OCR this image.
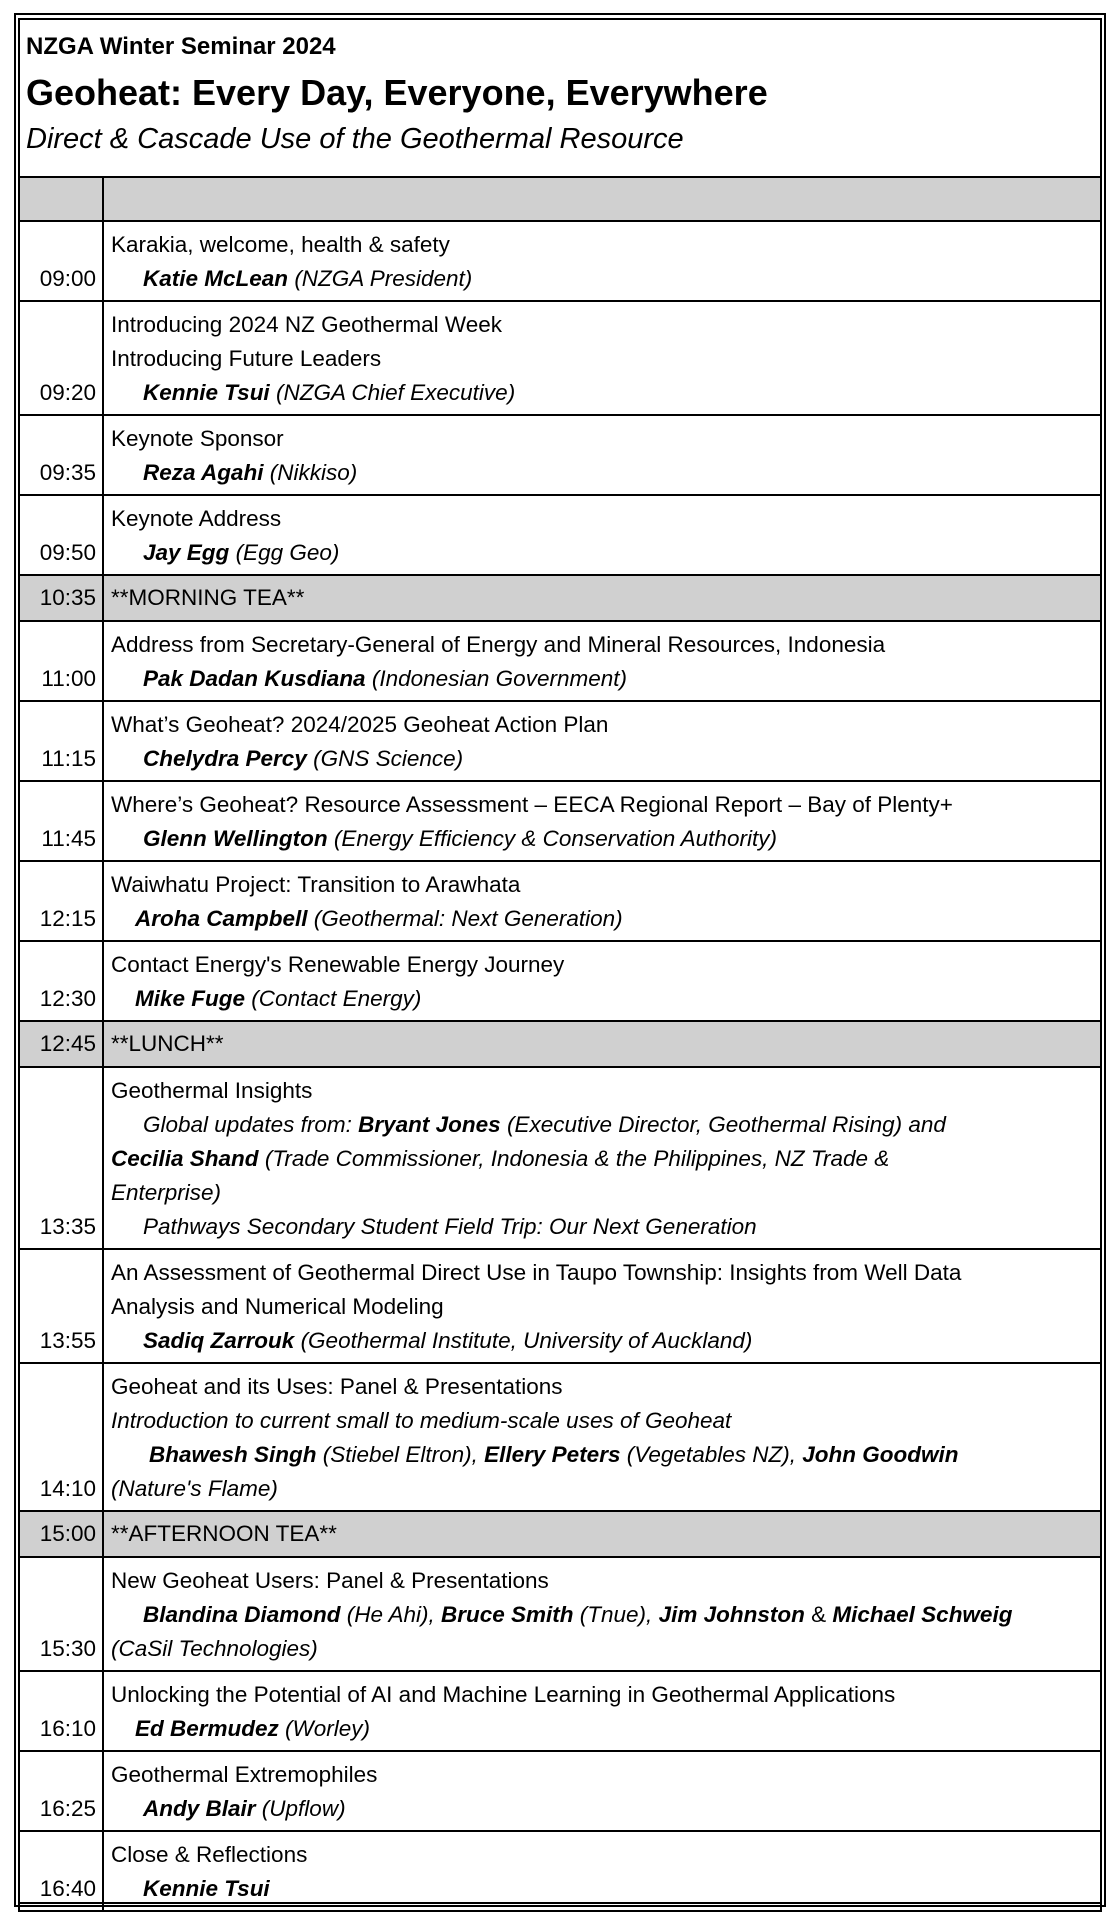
NZGA Winter Seminar 2024
Geoheat: Every Day, Everyone, Everywhere
Direct & Cascade Use of the Geothermal Resource

09:00	Karakia, welcome, health & safety
Katie McLean (NZGA President)

09:20	Introducing 2024 NZ Geothermal Week
Introducing Future Leaders
Kennie Tsui (NZGA Chief Executive)

09:35	Keynote Sponsor
Reza Agahi (Nikkiso)

09:50	Keynote Address
Jay Egg (Egg Geo)

10:35	**MORNING TEA**
11:00	Address from Secretary-General of Energy and Mineral Resources, Indonesia
Pak Dadan Kusdiana (Indonesian Government)

11:15	What’s Geoheat? 2024/2025 Geoheat Action Plan
Chelydra Percy (GNS Science)

11:45	Where’s Geoheat? Resource Assessment – EECA Regional Report – Bay of Plenty+
Glenn Wellington (Energy Efficiency & Conservation Authority)

12:15	Waiwhatu Project: Transition to Arawhata
Aroha Campbell (Geothermal: Next Generation)

12:30	Contact Energy's Renewable Energy Journey
Mike Fuge (Contact Energy)

12:45	**LUNCH**
13:35	Geothermal Insights
Global updates from: Bryant Jones (Executive Director, Geothermal Rising) and
Cecilia Shand (Trade Commissioner, Indonesia & the Philippines, NZ Trade &
Enterprise)
Pathways Secondary Student Field Trip: Our Next Generation

13:55	An Assessment of Geothermal Direct Use in Taupo Township: Insights from Well Data
Analysis and Numerical Modeling
Sadiq Zarrouk (Geothermal Institute, University of Auckland)

14:10	Geoheat and its Uses: Panel & Presentations
Introduction to current small to medium-scale uses of Geoheat
Bhawesh Singh (Stiebel Eltron), Ellery Peters (Vegetables NZ), John Goodwin
(Nature's Flame)

15:00	**AFTERNOON TEA**
15:30	New Geoheat Users: Panel & Presentations
Blandina Diamond (He Ahi), Bruce Smith (Tnue), Jim Johnston & Michael Schweig
(CaSil Technologies)

16:10	Unlocking the Potential of AI and Machine Learning in Geothermal Applications
Ed Bermudez (Worley)

16:25	Geothermal Extremophiles
Andy Blair (Upflow)

16:40	Close & Reflections
Kennie Tsui
